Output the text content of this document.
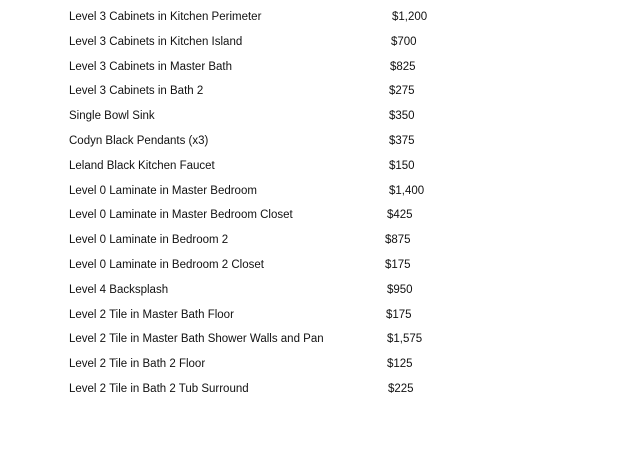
Level 3 Cabinets in Kitchen Perimeter	$1,200
Level 3 Cabinets in Kitchen Island	$700
Level 3 Cabinets in Master Bath	$825
Level 3 Cabinets in Bath 2	$275
Single Bowl Sink	$350
Codyn Black Pendants (x3)	$375
Leland Black Kitchen Faucet	$150
Level 0 Laminate in Master Bedroom	$1,400
Level 0 Laminate in Master Bedroom Closet	$425
Level 0 Laminate in Bedroom 2	$875
Level 0 Laminate in Bedroom 2 Closet	$175
Level 4 Backsplash	$950
Level 2 Tile in Master Bath Floor	$175
Level 2 Tile in Master Bath Shower Walls and Pan	$1,575
Level 2 Tile in Bath 2 Floor	$125
Level 2 Tile in Bath 2 Tub Surround	$225
